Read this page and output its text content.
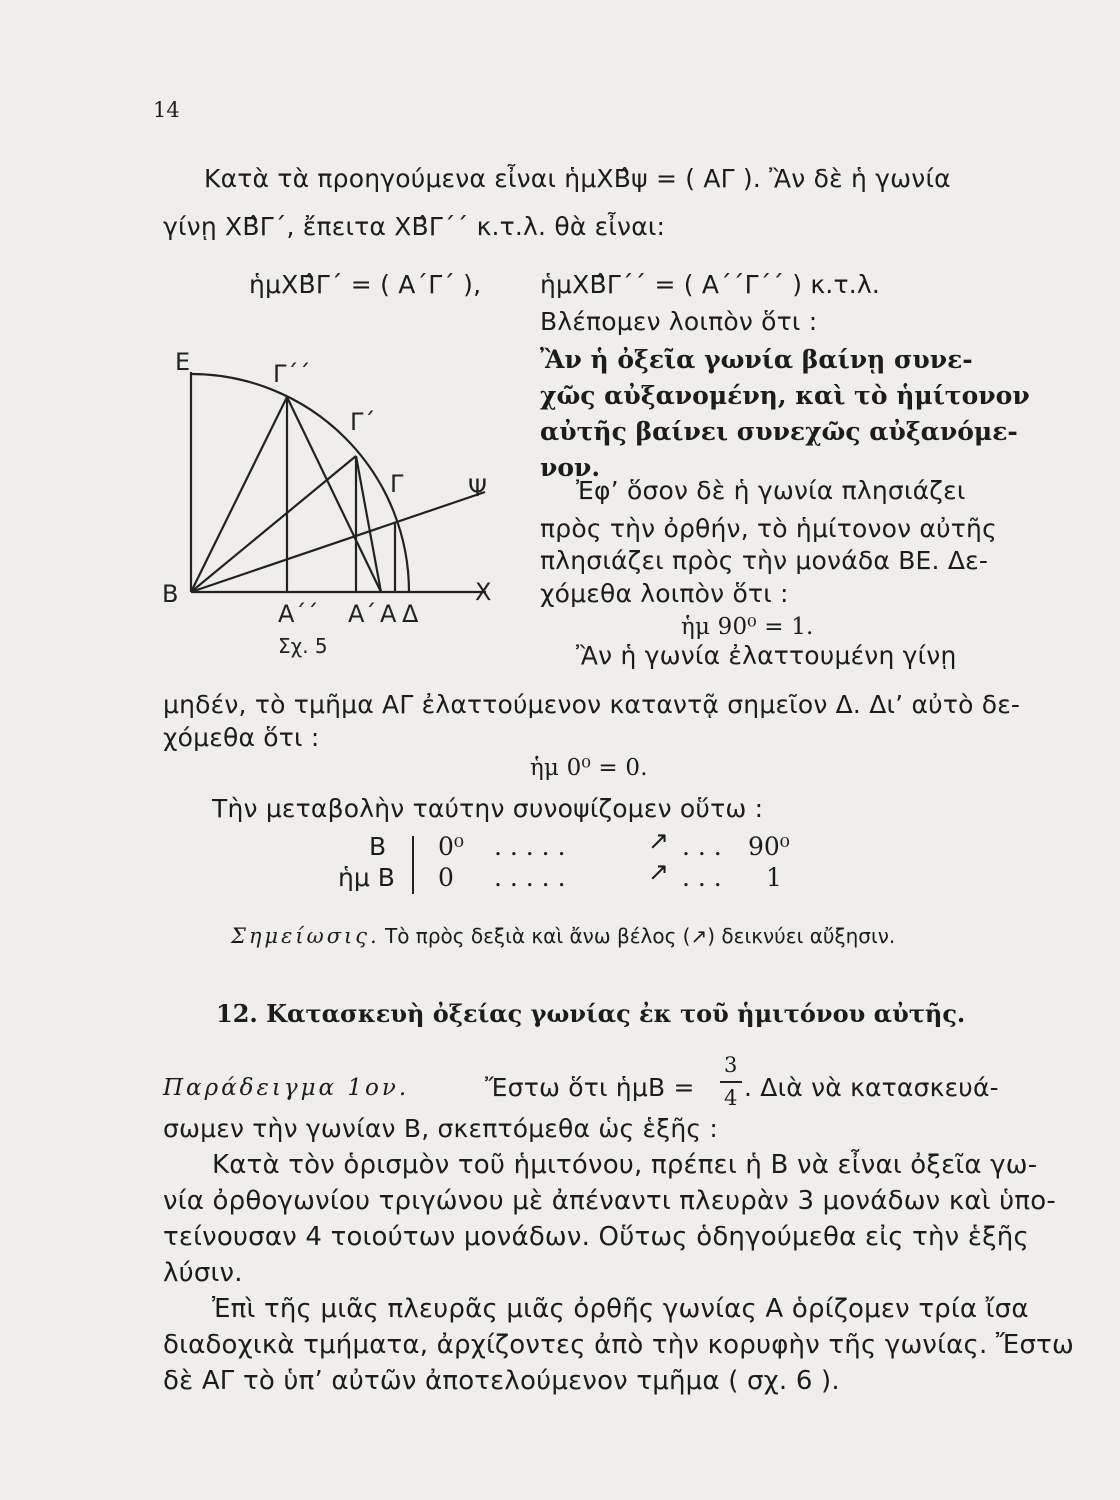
14
Κατὰ τὰ προηγούμενα εἶναι ἡμΧΒ̂ψ = ( ΑΓ ). Ἂν δὲ ἡ γωνία
γίνῃ ΧΒ̂Γ΄, ἔπειτα ΧΒ̂Γ΄΄ κ.τ.λ. θὰ εἶναι:
ἡμΧΒ̂Γ΄ = ( Α΄Γ΄ ), ἡμΧΒ̂Γ΄΄ = ( Α΄΄Γ΄΄ ) κ.τ.λ.
Βλέπομεν λοιπὸν ὅτι :
Ἂν ἡ ὀξεῖα γωνία βαίνῃ συνε-
χῶς αὐξανομένη, καὶ τὸ ἡμίτονον
αὐτῆς βαίνει συνεχῶς αὐξανόμε-
νον.
Ἐφ’ ὅσον δὲ ἡ γωνία πλησιάζει
πρὸς τὴν ὀρθήν, τὸ ἡμίτονον αὐτῆς
πλησιάζει πρὸς τὴν μονάδα ΒΕ. Δε-
χόμεθα λοιπὸν ὅτι :
ἡμ 90⁰ = 1.
Ἂν ἡ γωνία ἐλαττουμένη γίνῃ
μηδέν, τὸ τμῆμα ΑΓ ἐλαττούμενον καταντᾷ σημεῖον Δ. Δι’ αὐτὸ δε-
χόμεθα ὅτι :
ἡμ 0⁰ = 0.
Τὴν μεταβολὴν ταύτην συνοψίζομεν οὕτω :
Β 0⁰ . . . . .	↗ . . . 90⁰
ἡμ Β 0 . . . . .	↗ . . . 1
Σημείωσις. Τὸ πρὸς δεξιὰ καὶ ἄνω βέλος (↗) δεικνύει αὔξησιν.
12. Κατασκευὴ ὀξείας γωνίας ἐκ τοῦ ἡμιτόνου αὐτῆς.
Παράδειγμα 1ον.	Ἔστω ὅτι ἡμΒ =
3
4 . Διὰ νὰ κατασκευά-
σωμεν τὴν γωνίαν Β, σκεπτόμεθα ὡς ἑξῆς :
Κατὰ τὸν ὁρισμὸν τοῦ ἡμιτόνου, πρέπει ἡ Β νὰ εἶναι ὀξεῖα γω-
νία ὀρθογωνίου τριγώνου μὲ ἀπέναντι πλευρὰν 3 μονάδων καὶ ὑπο-
τείνουσαν 4 τοιούτων μονάδων. Οὕτως ὁδηγούμεθα εἰς τὴν ἑξῆς
λύσιν.
Ἐπὶ τῆς μιᾶς πλευρᾶς μιᾶς ὀρθῆς γωνίας Α ὁρίζομεν τρία ἴσα
διαδοχικὰ τμήματα, ἀρχίζοντες ἀπὸ τὴν κορυφὴν τῆς γωνίας. Ἔστω
δὲ ΑΓ τὸ ὑπ’ αὐτῶν ἀποτελούμενον τμῆμα ( σχ. 6 ).
Ε	Γ΄΄
Γ΄
Γ	Ψ
Β	Χ
Α΄΄ Α΄ Α Δ
Σχ. 5
